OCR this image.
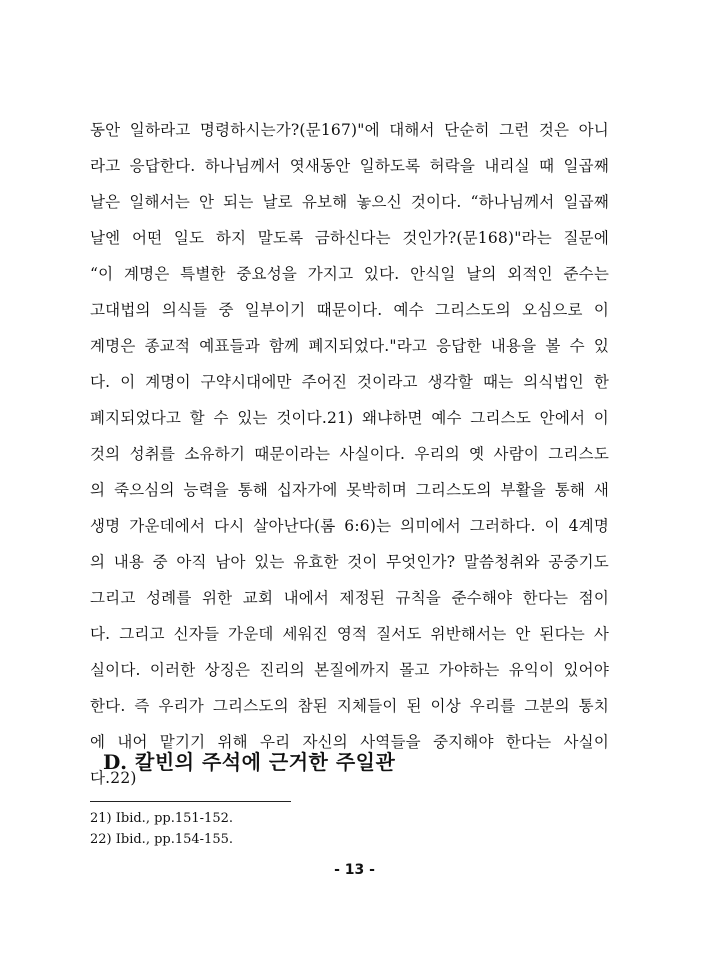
동안 일하라고 명령하시는가?(문167)"에 대해서 단순히 그런 것은 아니
라고 응답한다. 하나님께서 엿새동안 일하도록 허락을 내리실 때 일곱째
날은 일해서는 안 되는 날로 유보해 놓으신 것이다. “하나님께서 일곱째
날엔 어떤 일도 하지 말도록 금하신다는 것인가?(문168)"라는 질문에
“이 계명은 특별한 중요성을 가지고 있다. 안식일 날의 외적인 준수는
고대법의 의식들 중 일부이기 때문이다. 예수 그리스도의 오심으로 이
계명은 종교적 예표들과 함께 폐지되었다."라고 응답한 내용을 볼 수 있
다. 이 계명이 구약시대에만 주어진 것이라고 생각할 때는 의식법인 한
폐지되었다고 할 수 있는 것이다.21) 왜냐하면 예수 그리스도 안에서 이
것의 성취를 소유하기 때문이라는 사실이다. 우리의 옛 사람이 그리스도
의 죽으심의 능력을 통해 십자가에 못박히며 그리스도의 부활을 통해 새
생명 가운데에서 다시 살아난다(롬 6:6)는 의미에서 그러하다. 이 4계명
의 내용 중 아직 남아 있는 유효한 것이 무엇인가? 말씀청취와 공중기도
그리고 성례를 위한 교회 내에서 제정된 규칙을 준수해야 한다는 점이
다. 그리고 신자들 가운데 세워진 영적 질서도 위반해서는 안 된다는 사
실이다. 이러한 상징은 진리의 본질에까지 몰고 가야하는 유익이 있어야
한다. 즉 우리가 그리스도의 참된 지체들이 된 이상 우리를 그분의 통치
에 내어 맡기기 위해 우리 자신의 사역들을 중지해야 한다는 사실이
다.22)
D. 칼빈의 주석에 근거한 주일관
21) Ibid., pp.151-152.
22) Ibid., pp.154-155.
- 13 -
